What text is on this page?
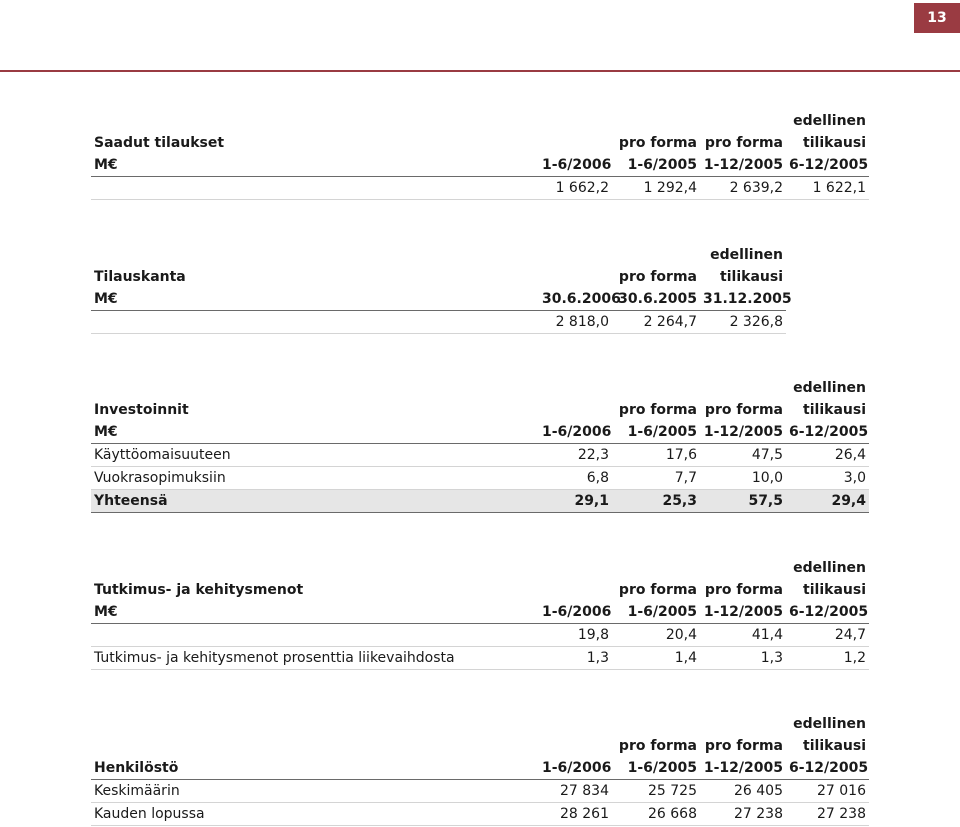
13
				edellinen
Saadut tilaukset		pro forma	pro forma	tilikausi
M€	1-6/2006	1-6/2005	1-12/2005	6-12/2005
	1 662,2	1 292,4	2 639,2	1 622,1
			edellinen
Tilauskanta		pro forma	tilikausi
M€	30.6.2006	30.6.2005	31.12.2005
	2 818,0	2 264,7	2 326,8
				edellinen
Investoinnit		pro forma	pro forma	tilikausi
M€	1-6/2006	1-6/2005	1-12/2005	6-12/2005
Käyttöomaisuuteen	22,3	17,6	47,5	26,4
Vuokrasopimuksiin	6,8	7,7	10,0	3,0
Yhteensä	29,1	25,3	57,5	29,4
				edellinen
Tutkimus- ja kehitysmenot		pro forma	pro forma	tilikausi
M€	1-6/2006	1-6/2005	1-12/2005	6-12/2005
	19,8	20,4	41,4	24,7
Tutkimus- ja kehitysmenot prosenttia liikevaihdosta	1,3	1,4	1,3	1,2
				edellinen
		pro forma	pro forma	tilikausi
Henkilöstö	1-6/2006	1-6/2005	1-12/2005	6-12/2005
Keskimäärin	27 834	25 725	26 405	27 016
Kauden lopussa	28 261	26 668	27 238	27 238
